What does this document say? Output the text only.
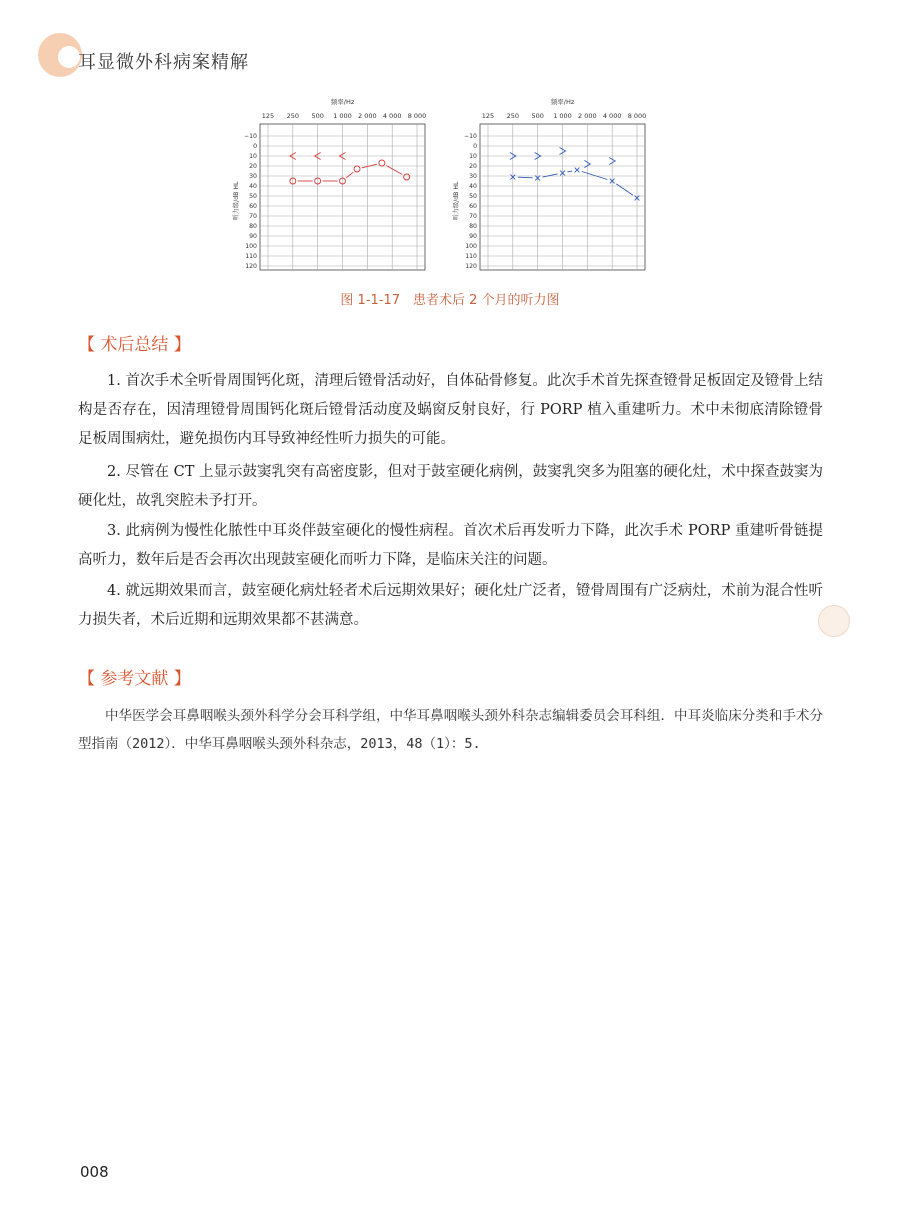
耳显微外科病案精解
频率/Hz
125 250 500 1 000 2 000 4 000 8 000
−10
0
10
20
30
40
50
60
70
80
90
100
110
120
听力级/dB HL
频率/Hz
125 250 500 1 000 2 000 4 000 8 000
−10
0
10
20
30
40
50
60
70
80
90
100
110
120
听力级/dB HL
图 1-1-17　患者术后 2 个月的听力图
【 术后总结 】
1. 首次手术全听骨周围钙化斑，清理后镫骨活动好，自体砧骨修复。此次手术首先探查镫骨足板固定及镫骨上结构是否存在，因清理镫骨周围钙化斑后镫骨活动度及蜗窗反射良好，行 PORP 植入重建听力。术中未彻底清除镫骨足板周围病灶，避免损伤内耳导致神经性听力损失的可能。
2. 尽管在 CT 上显示鼓窦乳突有高密度影，但对于鼓室硬化病例，鼓窦乳突多为阻塞的硬化灶，术中探查鼓窦为硬化灶，故乳突腔未予打开。
3. 此病例为慢性化脓性中耳炎伴鼓室硬化的慢性病程。首次术后再发听力下降，此次手术 PORP 重建听骨链提高听力，数年后是否会再次出现鼓室硬化而听力下降，是临床关注的问题。
4. 就远期效果而言，鼓室硬化病灶轻者术后远期效果好；硬化灶广泛者，镫骨周围有广泛病灶，术前为混合性听力损失者，术后近期和远期效果都不甚满意。
【 参考文献 】
中华医学会耳鼻咽喉头颈外科学分会耳科学组，中华耳鼻咽喉头颈外科杂志编辑委员会耳科组．中耳炎临床分类和手术分型指南（2012）．中华耳鼻咽喉头颈外科杂志，2013，48（1）：5.
008
